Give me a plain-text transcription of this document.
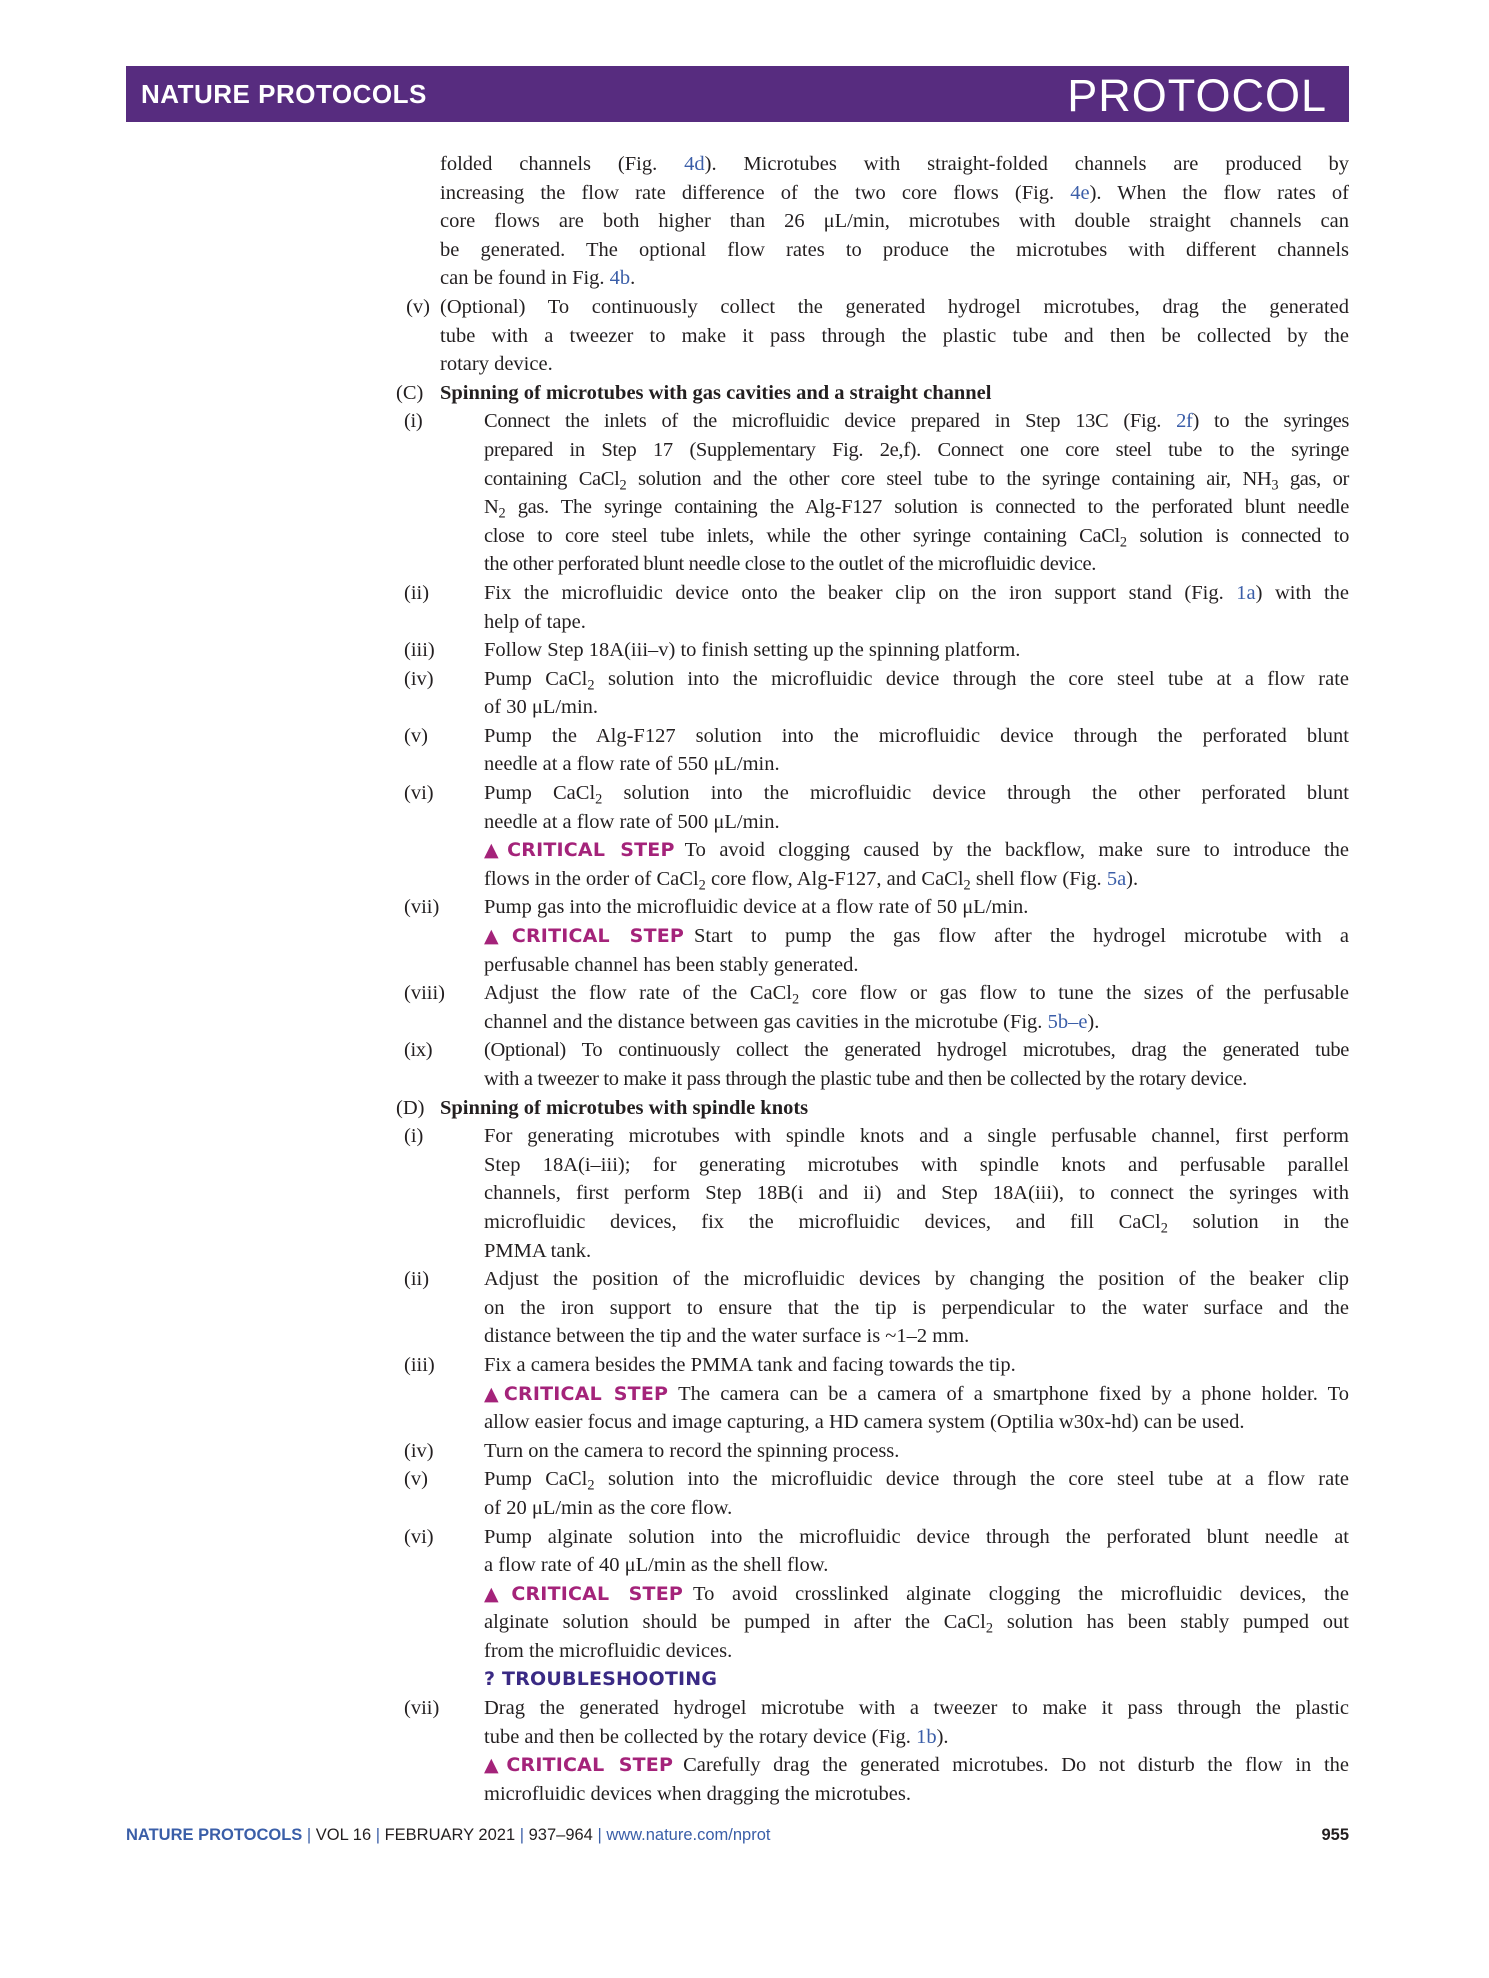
NATURE PROTOCOLS	PROTOCOL
folded channels (Fig. 4d). Microtubes with straight-folded channels are produced by
increasing the flow rate difference of the two core flows (Fig. 4e). When the flow rates of
core flows are both higher than 26 μL/min, microtubes with double straight channels can
be generated. The optional flow rates to produce the microtubes with different channels
can be found in Fig. 4b.
(v) (Optional) To continuously collect the generated hydrogel microtubes, drag the generated
tube with a tweezer to make it pass through the plastic tube and then be collected by the
rotary device.
(C) Spinning of microtubes with gas cavities and a straight channel
(i)	Connect the inlets of the microfluidic device prepared in Step 13C (Fig. 2f) to the syringes
prepared in Step 17 (Supplementary Fig. 2e,f). Connect one core steel tube to the syringe
containing CaCl$_2$ solution and the other core steel tube to the syringe containing air, $NH_3$ gas, or
$N_2$ gas. The syringe containing the Alg-F127 solution is connected to the perforated blunt needle
close to core steel tube inlets, while the other syringe containing CaCl$_2$ solution is connected to
the other perforated blunt needle close to the outlet of the microfluidic device.
(ii)	Fix the microfluidic device onto the beaker clip on the iron support stand (Fig. 1a) with the
help of tape.
(iii)	Follow Step 18A(iii–v) to finish setting up the spinning platform.
(iv)	Pump CaCl$_2$ solution into the microfluidic device through the core steel tube at a flow rate
of 30 μL/min.
(v)	Pump the Alg-F127 solution into the microfluidic device through the perforated blunt
needle at a flow rate of 550 μL/min.
(vi)	Pump CaCl$_2$ solution into the microfluidic device through the other perforated blunt
needle at a flow rate of 500 μL/min.
▲CRITICAL STEP To avoid clogging caused by the backflow, make sure to introduce the
flows in the order of CaCl$_2$ core flow, Alg-F127, and CaCl$_2$ shell flow (Fig. 5a).
(vii) Pump gas into the microfluidic device at a flow rate of 50 μL/min.
▲CRITICAL STEP Start to pump the gas flow after the hydrogel microtube with a
perfusable channel has been stably generated.
(viii) Adjust the flow rate of the CaCl$_2$ core flow or gas flow to tune the sizes of the perfusable
channel and the distance between gas cavities in the microtube (Fig. 5b–e).
(ix)	(Optional) To continuously collect the generated hydrogel microtubes, drag the generated tube
with a tweezer to make it pass through the plastic tube and then be collected by the rotary device.
(D) Spinning of microtubes with spindle knots
(i)	For generating microtubes with spindle knots and a single perfusable channel, first perform
Step 18A(i–iii); for generating microtubes with spindle knots and perfusable parallel
channels, first perform Step 18B(i and ii) and Step 18A(iii), to connect the syringes with
microfluidic devices, fix the microfluidic devices, and fill CaCl$_2$ solution in the
PMMA tank.
(ii)	Adjust the position of the microfluidic devices by changing the position of the beaker clip
on the iron support to ensure that the tip is perpendicular to the water surface and the
distance between the tip and the water surface is ~1–2 mm.
(iii)	Fix a camera besides the PMMA tank and facing towards the tip.
▲CRITICAL STEP The camera can be a camera of a smartphone fixed by a phone holder. To
allow easier focus and image capturing, a HD camera system (Optilia w30x-hd) can be used.
(iv)	Turn on the camera to record the spinning process.
(v)	Pump CaCl$_2$ solution into the microfluidic device through the core steel tube at a flow rate
of 20 μL/min as the core flow.
(vi)	Pump alginate solution into the microfluidic device through the perforated blunt needle at
a flow rate of 40 μL/min as the shell flow.
▲CRITICAL STEP To avoid crosslinked alginate clogging the microfluidic devices, the
alginate solution should be pumped in after the CaCl$_2$ solution has been stably pumped out
from the microfluidic devices.
? TROUBLESHOOTING
(vii) Drag the generated hydrogel microtube with a tweezer to make it pass through the plastic
tube and then be collected by the rotary device (Fig. 1b).
▲CRITICAL STEP Carefully drag the generated microtubes. Do not disturb the flow in the
microfluidic devices when dragging the microtubes.
NATURE PROTOCOLS | VOL 16 | FEBRUARY 2021 | 937–964 | www.nature.com/nprot	955
